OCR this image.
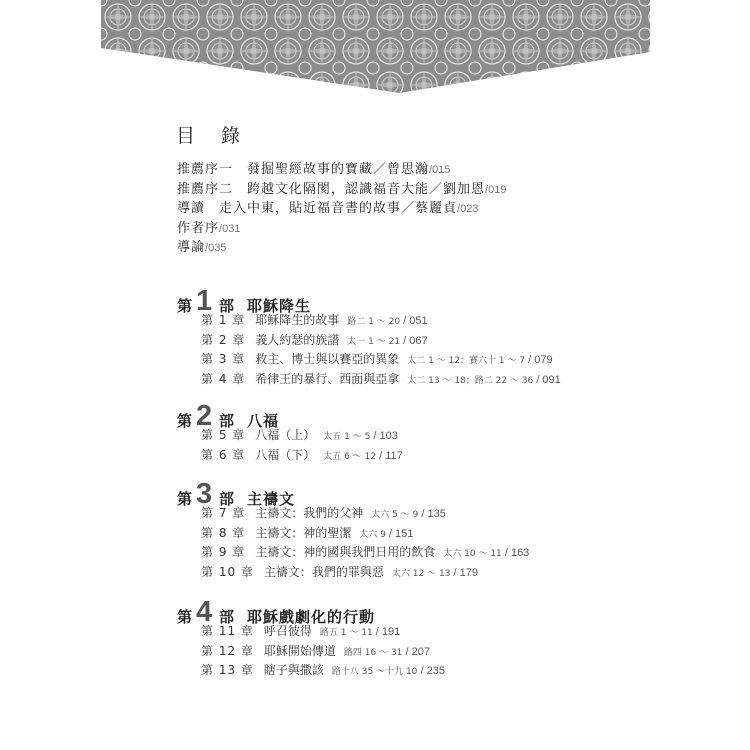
目 錄
推薦序一　發掘聖經故事的寶藏／曾思瀚/015
推薦序二　跨越文化隔閡，認識福音大能／劉加恩/019
導讀　走入中東，貼近福音書的故事／蔡麗貞/023
作者序/031
導論/035
第 1 部 耶穌降生
第 1 章 耶穌降生的故事 路二 1 ～ 20 / 051
第 2 章 義人約瑟的族譜 太一 1 ～ 21 / 067
第 3 章 救主、博士與以賽亞的異象 太二 1 ～ 12；賽六十 1 ～ 7 / 079
第 4 章 希律王的暴行、西面與亞拿 太二 13 ～ 18；路二 22 ～ 36 / 091
第 2 部 八福
第 5 章 八福（上） 太五 1 ～ 5 / 103
第 6 章 八福（下） 太五 6 ～ 12 / 117
第 3 部 主禱文
第 7 章 主禱文：我們的父神 太六 5 ～ 9 / 135
第 8 章 主禱文：神的聖潔 太六 9 / 151
第 9 章 主禱文：神的國與我們日用的飲食 太六 10 ～ 11 / 163
第 10 章 主禱文：我們的罪與惡 太六 12 ～ 13 / 179
第 4 部 耶穌戲劇化的行動
第 11 章 呼召彼得 路五 1 ～ 11 / 191
第 12 章 耶穌開始傳道 路四 16 ～ 31 / 207
第 13 章 瞎子與撒該 路十八 35 ～十九 10 / 235
